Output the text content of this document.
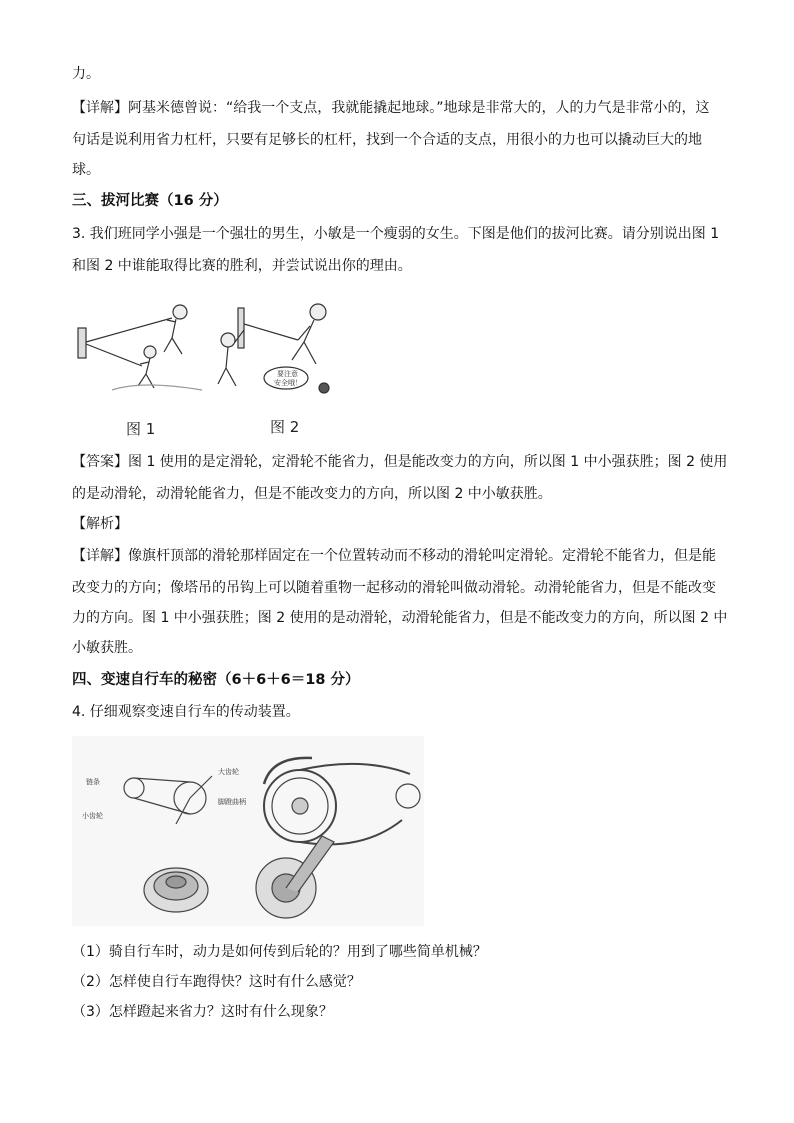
力。
【详解】阿基米德曾说：“给我一个支点，我就能撬起地球。”地球是非常大的，人的力气是非常小的，这
句话是说利用省力杠杆，只要有足够长的杠杆，找到一个合适的支点，用很小的力也可以撬动巨大的地
球。
三、拔河比赛（16 分）
3. 我们班同学小强是一个强壮的男生，小敏是一个瘦弱的女生。下图是他们的拔河比赛。请分别说出图 1
和图 2 中谁能取得比赛的胜利，并尝试说出你的理由。
要注意
安全哦！
图 1	图 2
【答案】图 1 使用的是定滑轮，定滑轮不能省力，但是能改变力的方向，所以图 1 中小强获胜；图 2 使用
的是动滑轮，动滑轮能省力，但是不能改变力的方向，所以图 2 中小敏获胜。
【解析】
【详解】像旗杆顶部的滑轮那样固定在一个位置转动而不移动的滑轮叫定滑轮。定滑轮不能省力，但是能
改变力的方向；像塔吊的吊钩上可以随着重物一起移动的滑轮叫做动滑轮。动滑轮能省力，但是不能改变
力的方向。图 1 中小强获胜；图 2 使用的是动滑轮，动滑轮能省力，但是不能改变力的方向，所以图 2 中
小敏获胜。
四、变速自行车的秘密（6＋6＋6＝18 分）
4. 仔细观察变速自行车的传动装置。
链条
小齿轮
大齿轮
脚蹬曲柄
（1）骑自行车时，动力是如何传到后轮的？用到了哪些简单机械？
（2）怎样使自行车跑得快？这时有什么感觉？
（3）怎样蹬起来省力？这时有什么现象？
